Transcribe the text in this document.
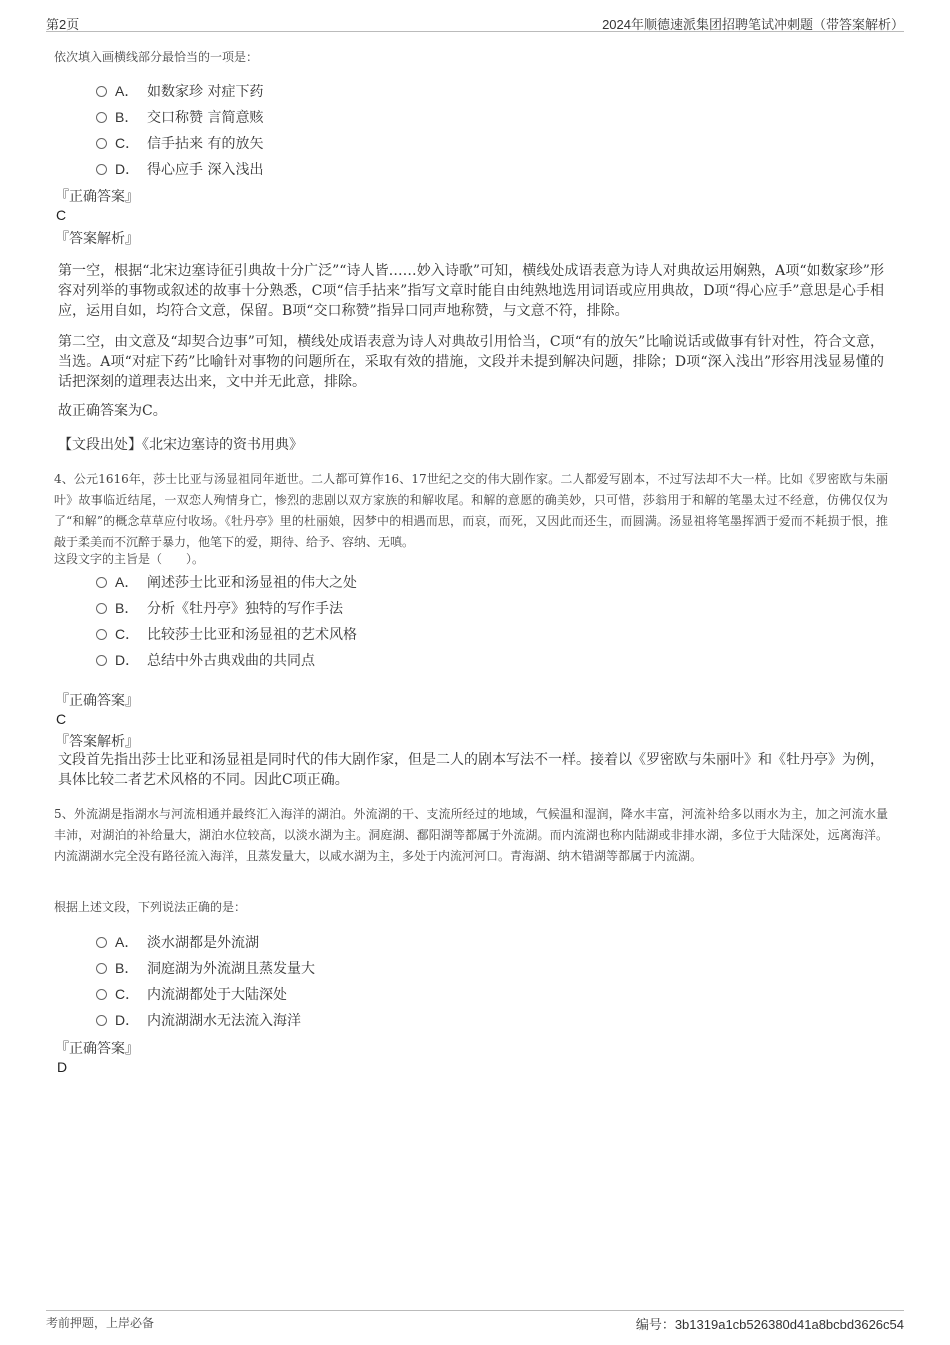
第2页	2024年顺德速派集团招聘笔试冲刺题（带答案解析）
依次填入画横线部分最恰当的一项是：
A． 如数家珍 对症下药
B． 交口称赞 言简意赅
C． 信手拈来 有的放矢
D． 得心应手 深入浅出
『正确答案』
C
『答案解析』
第一空，根据“北宋边塞诗征引典故十分广泛”“诗人皆……妙入诗歌”可知，横线处成语表意为诗人对典故运用娴熟，A项“如数家珍”形容对列举的事物或叙述的故事十分熟悉，C项“信手拈来”指写文章时能自由纯熟地选用词语或应用典故，D项“得心应手”意思是心手相应，运用自如，均符合文意，保留。B项“交口称赞”指异口同声地称赞，与文意不符，排除。
第二空，由文意及“却契合边事”可知，横线处成语表意为诗人对典故引用恰当，C项“有的放矢”比喻说话或做事有针对性，符合文意，当选。A项“对症下药”比喻针对事物的问题所在，采取有效的措施，文段并未提到解决问题，排除；D项“深入浅出”形容用浅显易懂的话把深刻的道理表达出来，文中并无此意，排除。
故正确答案为C。
【文段出处】《北宋边塞诗的资书用典》
4、公元1616年，莎士比亚与汤显祖同年逝世。二人都可算作16、17世纪之交的伟大剧作家。二人都爱写剧本，不过写法却不大一样。比如《罗密欧与朱丽叶》故事临近结尾，一双恋人殉情身亡，惨烈的悲剧以双方家族的和解收尾。和解的意愿的确美妙，只可惜，莎翁用于和解的笔墨太过不经意，仿佛仅仅为了“和解”的概念草草应付收场。《牡丹亭》里的杜丽娘，因梦中的相遇而思，而哀，而死，又因此而还生，而圆满。汤显祖将笔墨挥洒于爱而不耗损于恨，推敲于柔美而不沉醉于暴力，他笔下的爱，期待、给予、容纳、无嗔。
这段文字的主旨是（　　）。
A． 阐述莎士比亚和汤显祖的伟大之处
B． 分析《牡丹亭》独特的写作手法
C． 比较莎士比亚和汤显祖的艺术风格
D． 总结中外古典戏曲的共同点
『正确答案』
C
『答案解析』
文段首先指出莎士比亚和汤显祖是同时代的伟大剧作家，但是二人的剧本写法不一样。接着以《罗密欧与朱丽叶》和《牡丹亭》为例，具体比较二者艺术风格的不同。因此C项正确。
5、外流湖是指湖水与河流相通并最终汇入海洋的湖泊。外流湖的干、支流所经过的地域，气候温和湿润，降水丰富，河流补给多以雨水为主，加之河流水量丰沛，对湖泊的补给量大，湖泊水位较高，以淡水湖为主。洞庭湖、鄱阳湖等都属于外流湖。而内流湖也称内陆湖或非排水湖，多位于大陆深处，远离海洋。内流湖湖水完全没有路径流入海洋，且蒸发量大，以咸水湖为主，多处于内流河河口。青海湖、纳木错湖等都属于内流湖。
根据上述文段，下列说法正确的是：
A． 淡水湖都是外流湖
B． 洞庭湖为外流湖且蒸发量大
C． 内流湖都处于大陆深处
D． 内流湖湖水无法流入海洋
『正确答案』
D
考前押题，上岸必备	编号：3b1319a1cb526380d41a8bcbd3626c54
